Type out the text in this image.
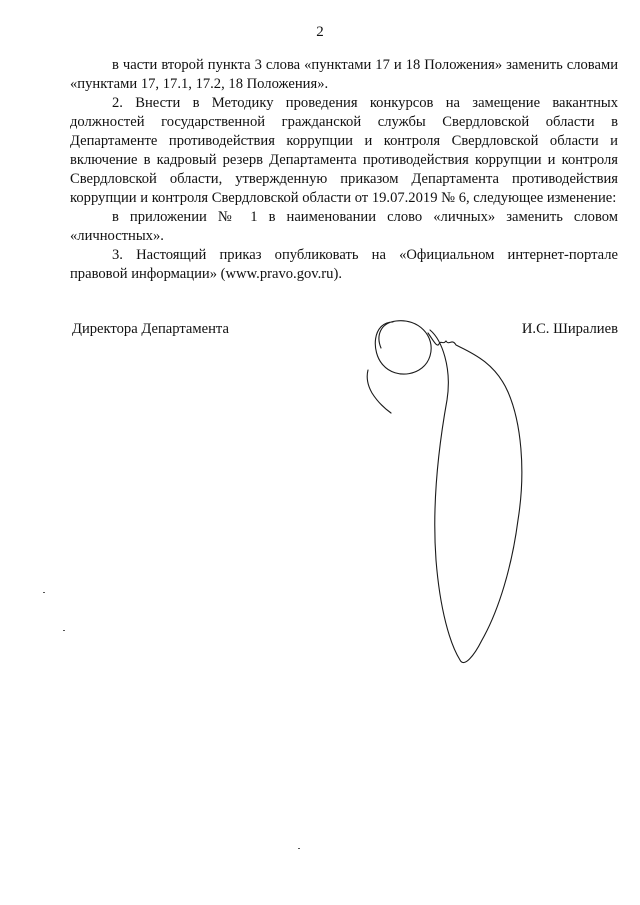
2

в части второй пункта 3 слова «пунктами 17 и 18 Положения» заменить словами «пунктами 17, 17.1, 17.2, 18 Положения».

2. Внести в Методику проведения конкурсов на замещение вакантных должностей государственной гражданской службы Свердловской области в Департаменте противодействия коррупции и контроля Свердловской области и включение в кадровый резерв Департамента противодействия коррупции и контроля Свердловской области, утвержденную приказом Департамента противодействия коррупции и контроля Свердловской области от 19.07.2019 № 6, следующее изменение:

в приложении № 1 в наименовании слово «личных» заменить словом «личностных».

3. Настоящий приказ опубликовать на «Официальном интернет-портале правовой информации» (www.pravo.gov.ru).

Директора Департамента	И.С. Ширалиев
